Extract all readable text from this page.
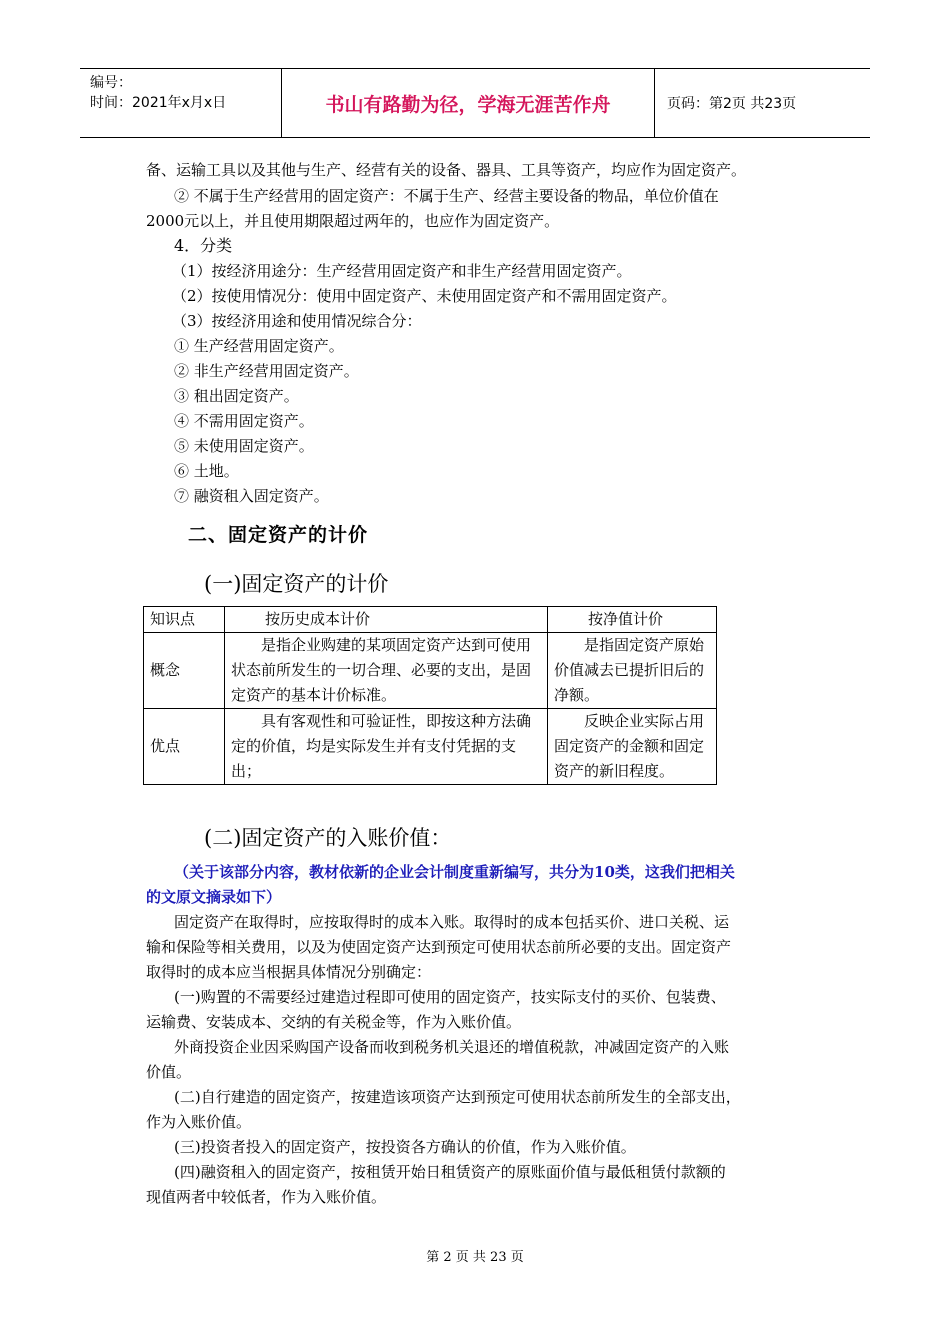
编号：
时间：2021年x月x日	书山有路勤为径，学海无涯苦作舟	页码：第2页 共23页
备、运输工具以及其他与生产、经营有关的设备、器具、工具等资产，均应作为固定资产。
② 不属于生产经营用的固定资产：不属于生产、经营主要设备的物品，单位价值在
2000元以上，并且使用期限超过两年的，也应作为固定资产。
4．分类
（1）按经济用途分：生产经营用固定资产和非生产经营用固定资产。
（2）按使用情况分：使用中固定资产、未使用固定资产和不需用固定资产。
（3）按经济用途和使用情况综合分：
① 生产经营用固定资产。
② 非生产经营用固定资产。
③ 租出固定资产。
④ 不需用固定资产。
⑤ 未使用固定资产。
⑥ 土地。
⑦ 融资租入固定资产。
二、固定资产的计价
(一)固定资产的计价
知识点	按历史成本计价	按净值计价
概念	是指企业购建的某项固定资产达到可使用状态前所发生的一切合理、必要的支出，是固定资产的基本计价标准。	是指固定资产原始价值减去已提折旧后的净额。
优点	具有客观性和可验证性，即按这种方法确定的价值，均是实际发生并有支付凭据的支出；	反映企业实际占用固定资产的金额和固定资产的新旧程度。
(二)固定资产的入账价值：
（关于该部分内容，教材依新的企业会计制度重新编写，共分为10类，这我们把相关
的文原文摘录如下）
固定资产在取得时，应按取得时的成本入账。取得时的成本包括买价、进口关税、运
输和保险等相关费用，以及为使固定资产达到预定可使用状态前所必要的支出。固定资产
取得时的成本应当根据具体情况分别确定：
(一)购置的不需要经过建造过程即可使用的固定资产，技实际支付的买价、包装费、
运输费、安装成本、交纳的有关税金等，作为入账价值。
外商投资企业因采购国产设备而收到税务机关退还的增值税款，冲减固定资产的入账
价值。
(二)自行建造的固定资产，按建造该项资产达到预定可使用状态前所发生的全部支出，
作为入账价值。
(三)投资者投入的固定资产，按投资各方确认的价值，作为入账价值。
(四)融资租入的固定资产，按租赁开始日租赁资产的原账面价值与最低租赁付款额的
现值两者中较低者，作为入账价值。
第 2 页 共 23 页
